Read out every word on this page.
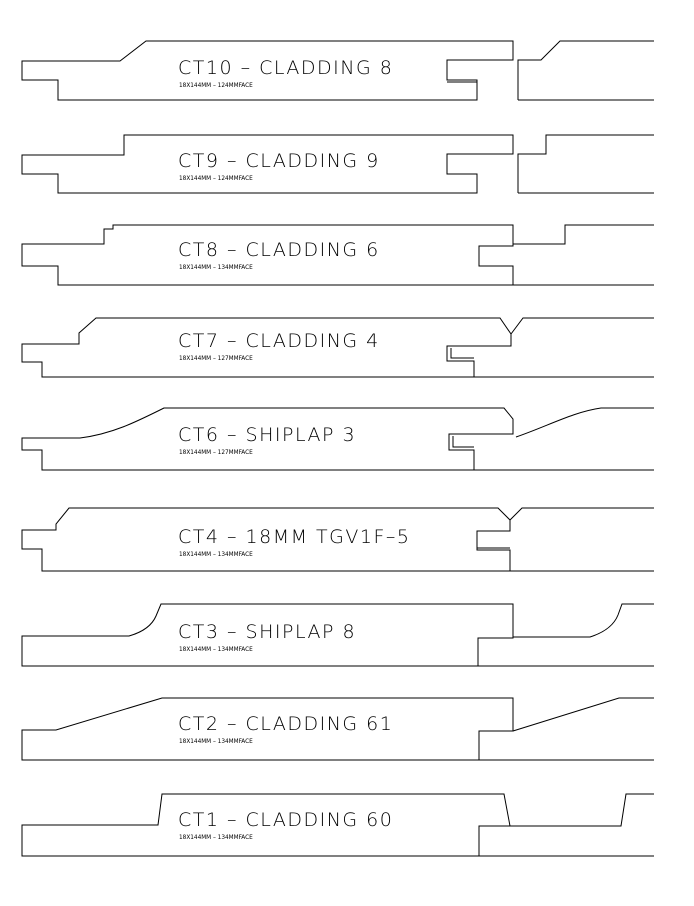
CT10 – CLADDING 8
18X144MM – 124MMFACE
CT9 – CLADDING 9
18X144MM – 124MMFACE
CT8 – CLADDING 6
18X144MM – 134MMFACE
CT7 – CLADDING 4
18X144MM – 127MMFACE
CT6 – SHIPLAP 3
18X144MM – 127MMFACE
CT4 – 18MM TGV1F–5
18X144MM – 134MMFACE
CT3 – SHIPLAP 8
18X144MM – 134MMFACE
CT2 – CLADDING 61
18X144MM – 134MMFACE
CT1 – CLADDING 60
18X144MM – 134MMFACE
